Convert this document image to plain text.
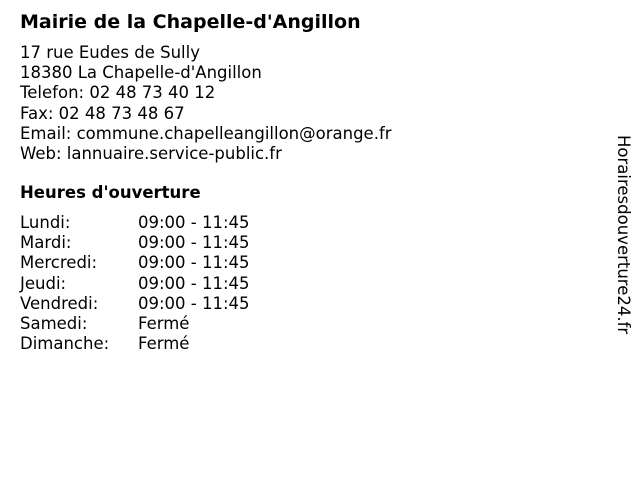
Mairie de la Chapelle-d'Angillon
17 rue Eudes de Sully
18380 La Chapelle-d'Angillon
Telefon: 02 48 73 40 12
Fax: 02 48 73 48 67
Email: commune.chapelleangillon@orange.fr
Web: lannuaire.service-public.fr
Heures d'ouverture
Lundi:	09:00 - 11:45
Mardi:	09:00 - 11:45
Mercredi:	09:00 - 11:45
Jeudi:	09:00 - 11:45
Vendredi:	09:00 - 11:45
Samedi:	Fermé
Dimanche:	Fermé
Horairesdouverture24.fr
